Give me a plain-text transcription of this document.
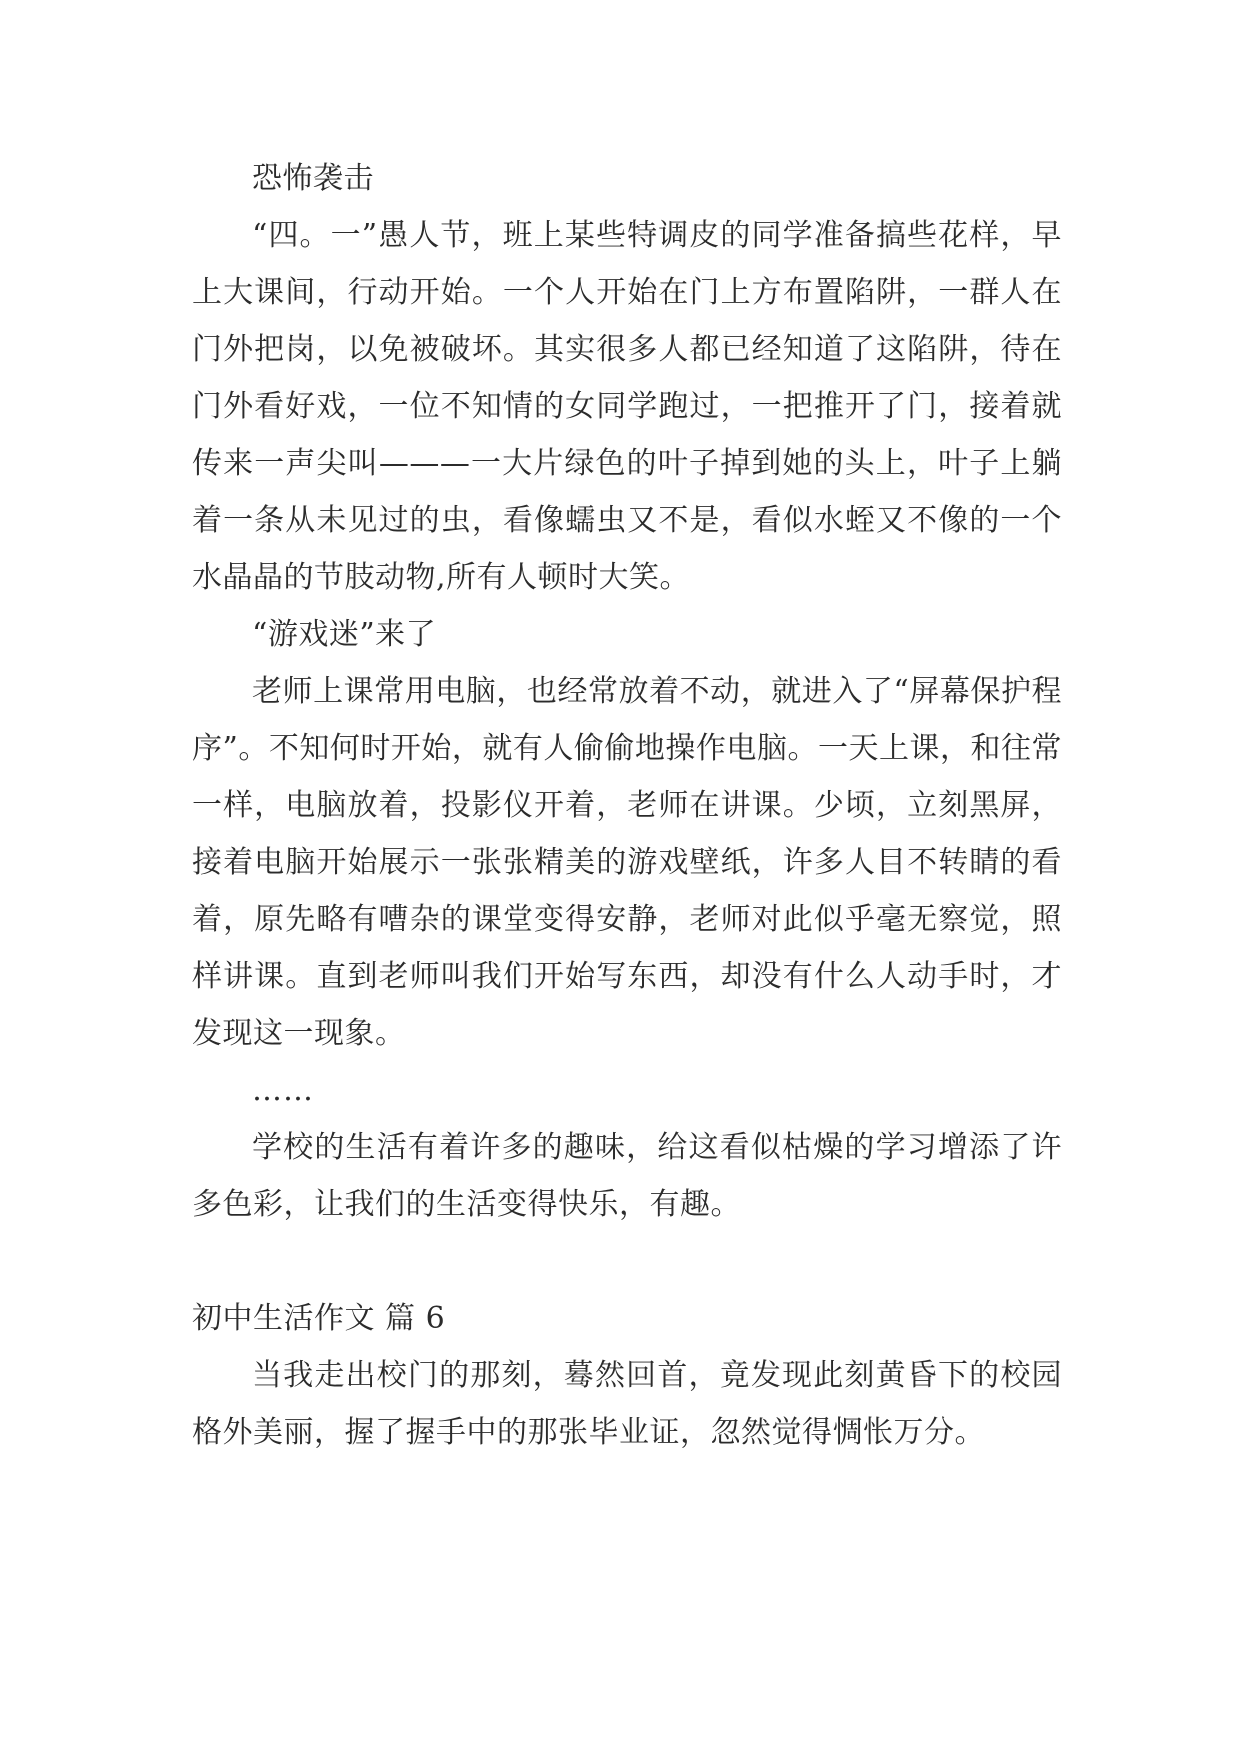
恐怖袭击

“四。一”愚人节，班上某些特调皮的同学准备搞些花样，早上大课间，行动开始。一个人开始在门上方布置陷阱，一群人在门外把岗，以免被破坏。其实很多人都已经知道了这陷阱，待在门外看好戏，一位不知情的女同学跑过，一把推开了门，接着就传来一声尖叫———一大片绿色的叶子掉到她的头上，叶子上躺着一条从未见过的虫，看像蠕虫又不是，看似水蛭又不像的一个水晶晶的节肢动物,所有人顿时大笑。

“游戏迷”来了

老师上课常用电脑，也经常放着不动，就进入了“屏幕保护程序”。不知何时开始，就有人偷偷地操作电脑。一天上课，和往常一样，电脑放着，投影仪开着，老师在讲课。少顷，立刻黑屏，接着电脑开始展示一张张精美的游戏壁纸，许多人目不转睛的看着，原先略有嘈杂的课堂变得安静，老师对此似乎毫无察觉，照样讲课。直到老师叫我们开始写东西，却没有什么人动手时，才发现这一现象。

……

学校的生活有着许多的趣味，给这看似枯燥的学习增添了许多色彩，让我们的生活变得快乐，有趣。

初中生活作文 篇 6

当我走出校门的那刻，蓦然回首，竟发现此刻黄昏下的校园格外美丽，握了握手中的那张毕业证，忽然觉得惆怅万分。
